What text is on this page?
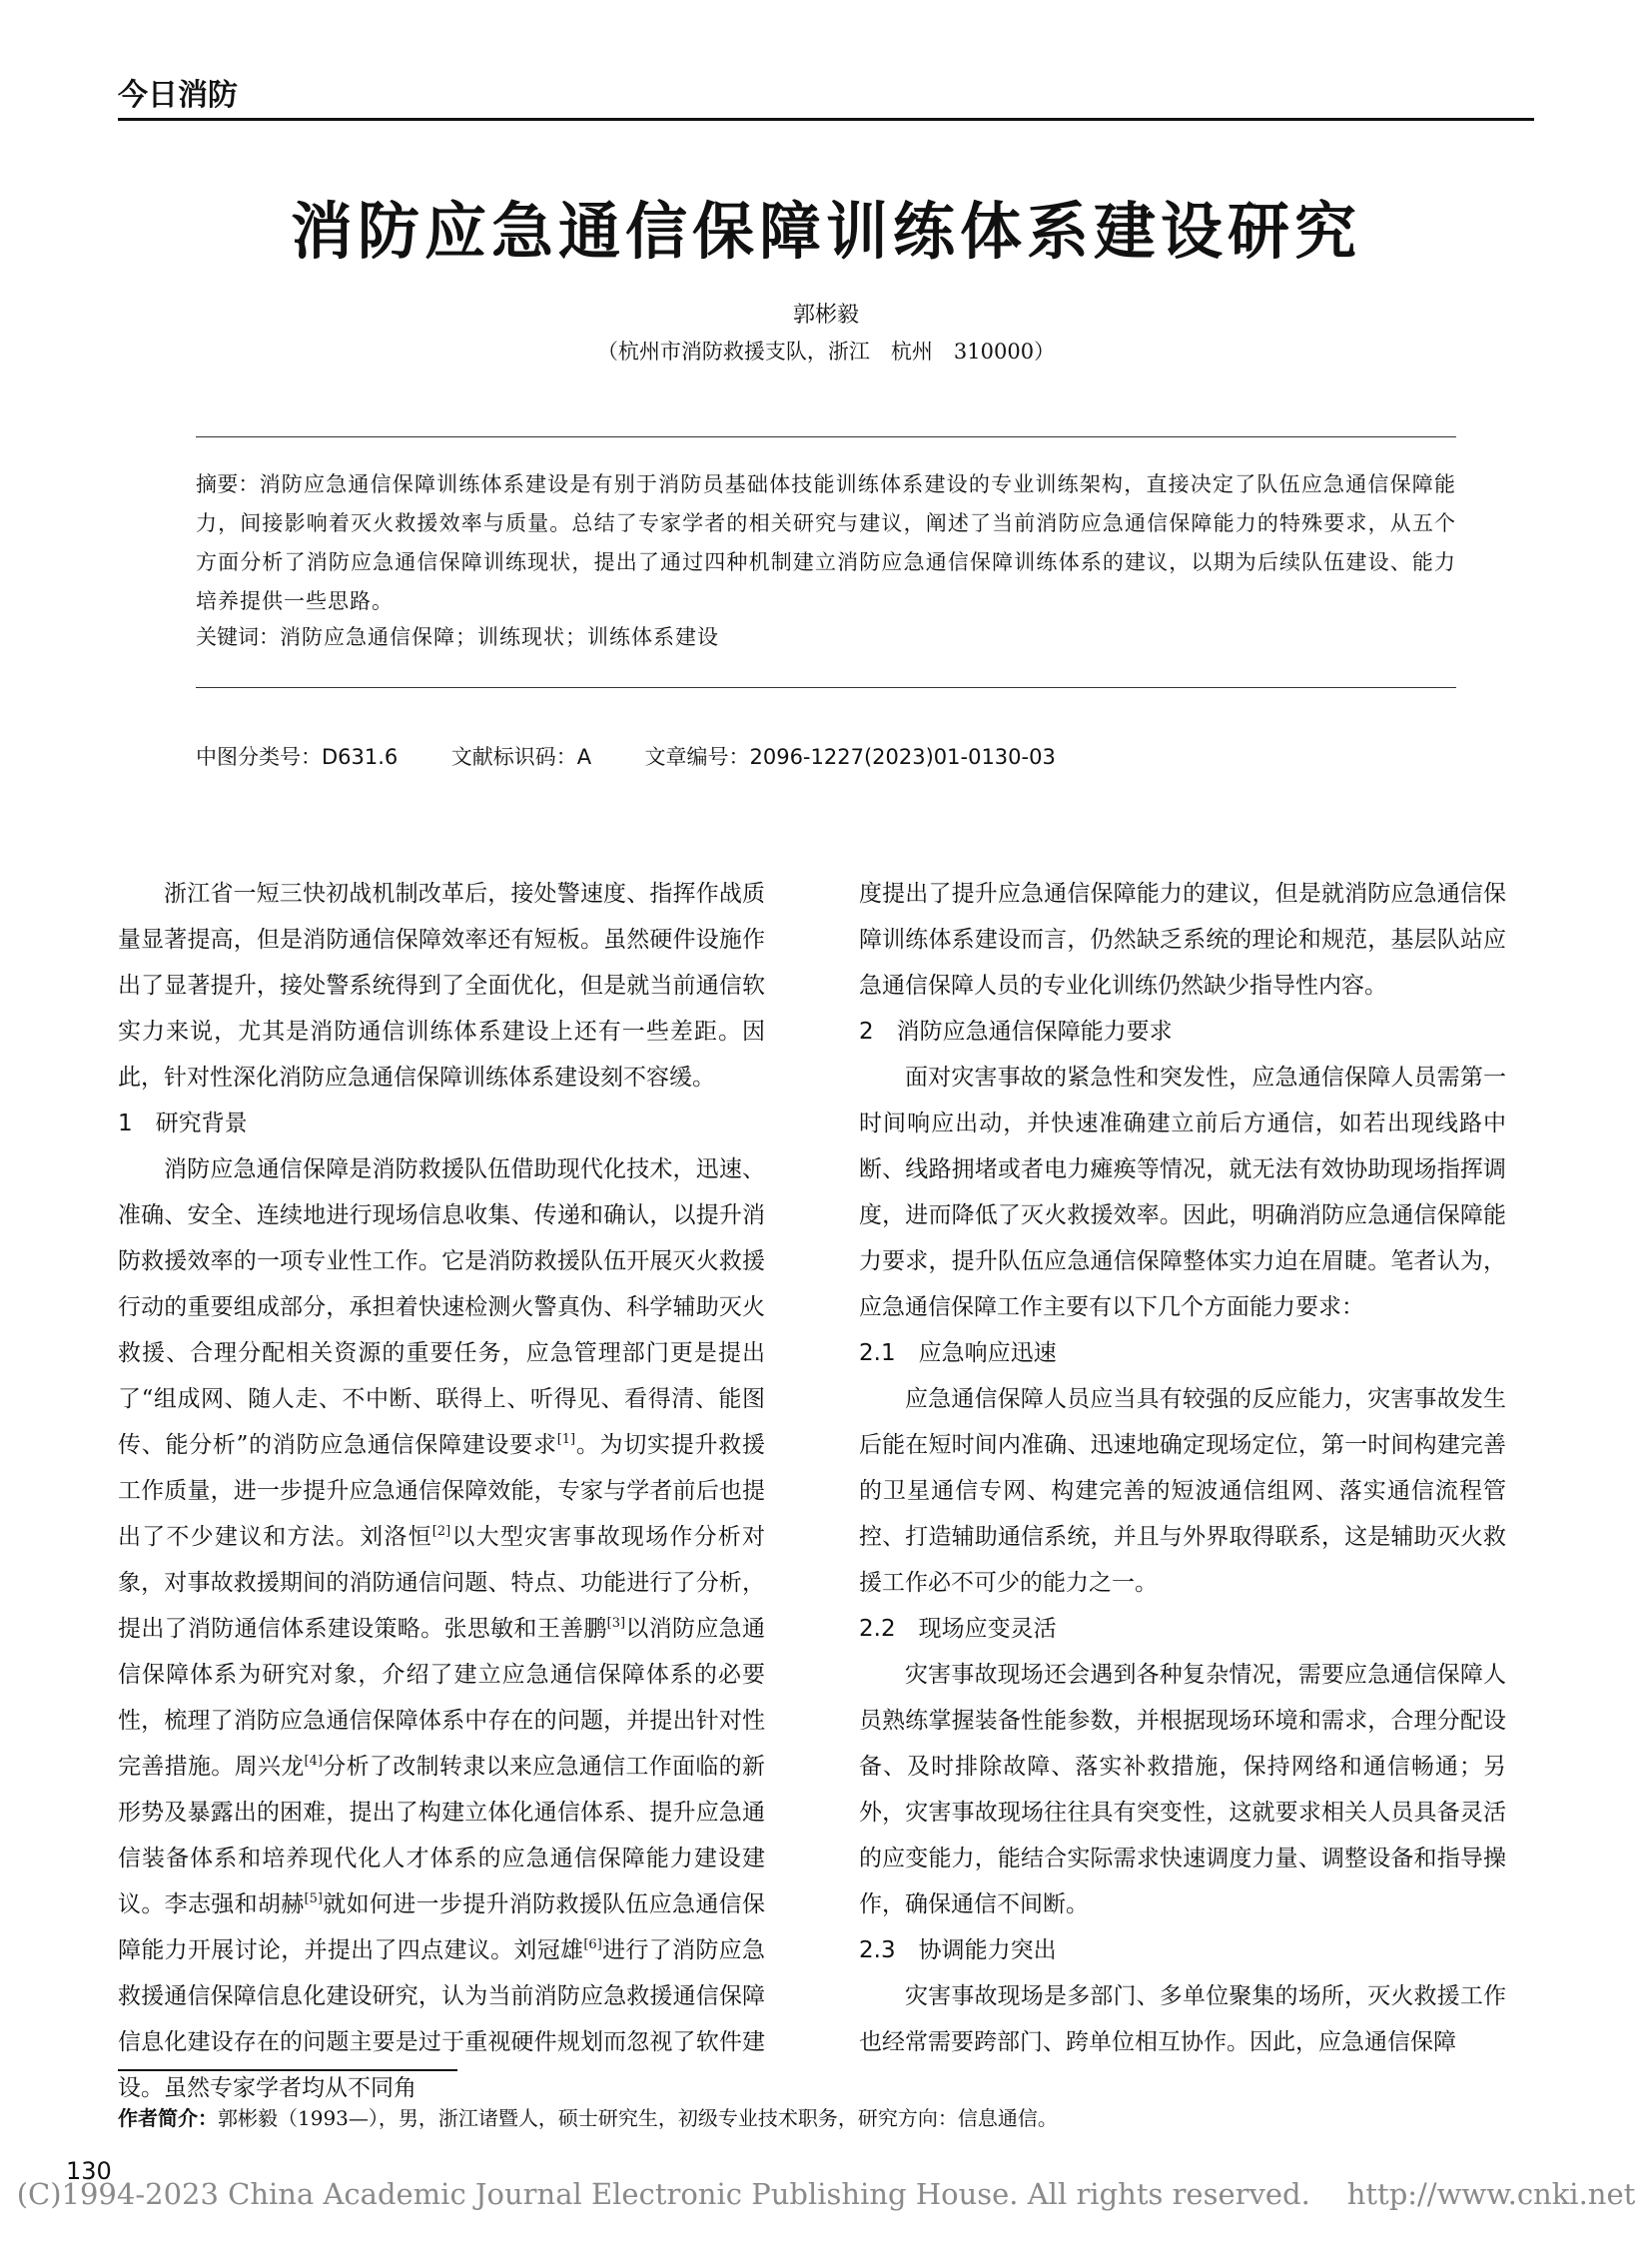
今日消防
消防应急通信保障训练体系建设研究
郭彬毅
（杭州市消防救援支队，浙江　杭州　310000）
摘要：消防应急通信保障训练体系建设是有别于消防员基础体技能训练体系建设的专业训练架构，直接决定了队伍应急通信保障能力，间接影响着灭火救援效率与质量。总结了专家学者的相关研究与建议，阐述了当前消防应急通信保障能力的特殊要求，从五个方面分析了消防应急通信保障训练现状，提出了通过四种机制建立消防应急通信保障训练体系的建议，以期为后续队伍建设、能力培养提供一些思路。
关键词：消防应急通信保障；训练现状；训练体系建设
中图分类号：D631.6	文献标识码：A	文章编号：2096-1227(2023)01-0130-03

浙江省一短三快初战机制改革后，接处警速度、指挥作战质量显著提高，但是消防通信保障效率还有短板。虽然硬件设施作出了显著提升，接处警系统得到了全面优化，但是就当前通信软实力来说，尤其是消防通信训练体系建设上还有一些差距。因此，针对性深化消防应急通信保障训练体系建设刻不容缓。

1　研究背景

消防应急通信保障是消防救援队伍借助现代化技术，迅速、准确、安全、连续地进行现场信息收集、传递和确认，以提升消防救援效率的一项专业性工作。它是消防救援队伍开展灭火救援行动的重要组成部分，承担着快速检测火警真伪、科学辅助灭火救援、合理分配相关资源的重要任务，应急管理部门更是提出了“组成网、随人走、不中断、联得上、听得见、看得清、能图传、能分析”的消防应急通信保障建设要求[1]。为切实提升救援工作质量，进一步提升应急通信保障效能，专家与学者前后也提出了不少建议和方法。刘洛恒[2]以大型灾害事故现场作分析对象，对事故救援期间的消防通信问题、特点、功能进行了分析，提出了消防通信体系建设策略。张思敏和王善鹏[3]以消防应急通信保障体系为研究对象，介绍了建立应急通信保障体系的必要性，梳理了消防应急通信保障体系中存在的问题，并提出针对性完善措施。周兴龙[4]分析了改制转隶以来应急通信工作面临的新形势及暴露出的困难，提出了构建立体化通信体系、提升应急通信装备体系和培养现代化人才体系的应急通信保障能力建设建议。李志强和胡赫[5]就如何进一步提升消防救援队伍应急通信保障能力开展讨论，并提出了四点建议。刘冠雄[6]进行了消防应急救援通信保障信息化建设研究，认为当前消防应急救援通信保障信息化建设存在的问题主要是过于重视硬件规划而忽视了软件建设。虽然专家学者均从不同角

度提出了提升应急通信保障能力的建议，但是就消防应急通信保障训练体系建设而言，仍然缺乏系统的理论和规范，基层队站应急通信保障人员的专业化训练仍然缺少指导性内容。

2　消防应急通信保障能力要求

面对灾害事故的紧急性和突发性，应急通信保障人员需第一时间响应出动，并快速准确建立前后方通信，如若出现线路中断、线路拥堵或者电力瘫痪等情况，就无法有效协助现场指挥调度，进而降低了灭火救援效率。因此，明确消防应急通信保障能力要求，提升队伍应急通信保障整体实力迫在眉睫。笔者认为，应急通信保障工作主要有以下几个方面能力要求：

2.1　应急响应迅速

应急通信保障人员应当具有较强的反应能力，灾害事故发生后能在短时间内准确、迅速地确定现场定位，第一时间构建完善的卫星通信专网、构建完善的短波通信组网、落实通信流程管控、打造辅助通信系统，并且与外界取得联系，这是辅助灭火救援工作必不可少的能力之一。

2.2　现场应变灵活

灾害事故现场还会遇到各种复杂情况，需要应急通信保障人员熟练掌握装备性能参数，并根据现场环境和需求，合理分配设备、及时排除故障、落实补救措施，保持网络和通信畅通；另外，灾害事故现场往往具有突变性，这就要求相关人员具备灵活的应变能力，能结合实际需求快速调度力量、调整设备和指导操作，确保通信不间断。

2.3　协调能力突出

灾害事故现场是多部门、多单位聚集的场所，灭火救援工作也经常需要跨部门、跨单位相互协作。因此，应急通信保障

作者简介：郭彬毅（1993—），男，浙江诸暨人，硕士研究生，初级专业技术职务，研究方向：信息通信。
130
(C)1994-2023 China Academic Journal Electronic Publishing House. All rights reserved.    http://www.cnki.net
